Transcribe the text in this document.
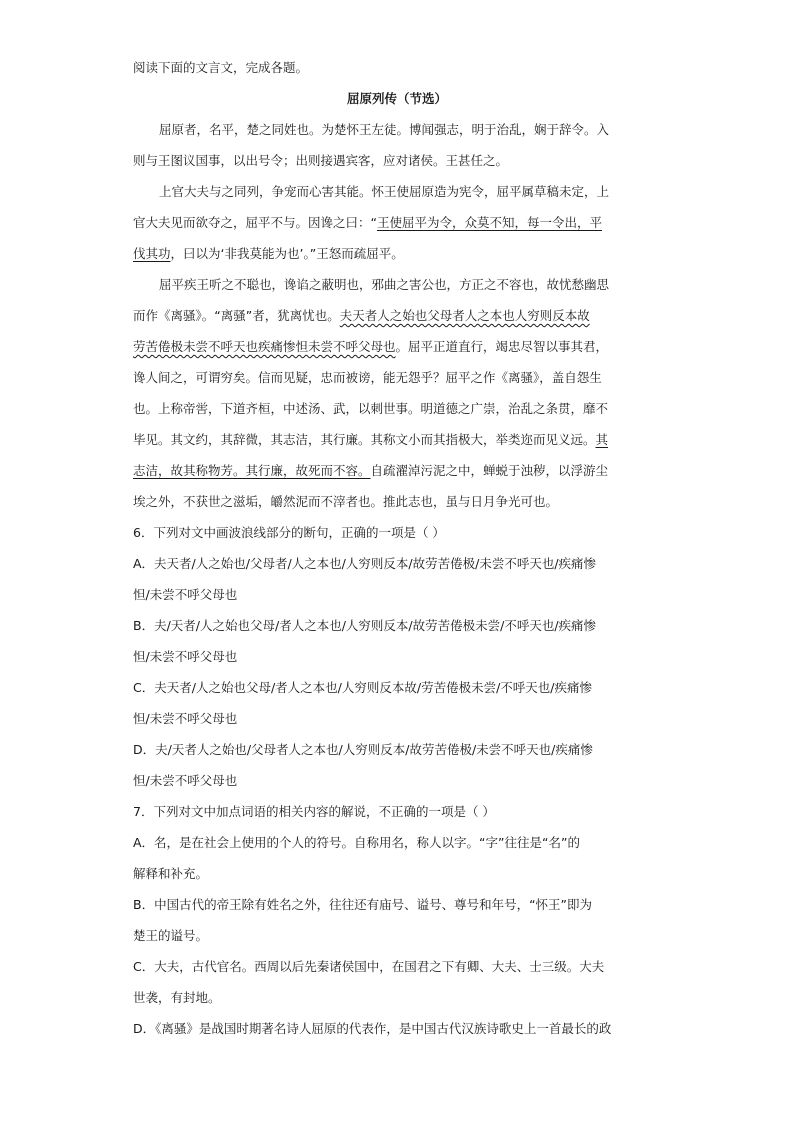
阅读下面的文言文，完成各题。
屈原列传（节选）
屈原者，名平，楚之同姓也。为楚怀王左徒。博闻强志，明于治乱，娴于辞令。入
则与王图议国事，以出号令；出则接遇宾客，应对诸侯。王甚任之。
上官大夫与之同列，争宠而心害其能。怀王使屈原造为宪令，屈平属草稿未定，上
官大夫见而欲夺之，屈平不与。因谗之曰：“王使屈平为令，众莫不知，每一令出，平
伐其功，曰以为‘非我莫能为也’。”王怒而疏屈平。
屈平疾王听之不聪也，谗谄之蔽明也，邪曲之害公也，方正之不容也，故忧愁幽思
而作《离骚》。“离骚”者，犹离忧也。夫天者人之始也父母者人之本也人穷则反本故
劳苦倦极未尝不呼天也疾痛惨怛未尝不呼父母也。屈平正道直行，竭忠尽智以事其君，
谗人间之，可谓穷矣。信而见疑，忠而被谤，能无怨乎？屈平之作《离骚》，盖自怨生
也。上称帝喾，下道齐桓，中述汤、武，以刺世事。明道德之广崇，治乱之条贯，靡不
毕见。其文约，其辞微，其志洁，其行廉。其称文小而其指极大，举类迩而见义远。其
志洁，故其称物芳。其行廉，故死而不容。自疏濯淖污泥之中，蝉蜕于浊秽，以浮游尘
埃之外，不获世之滋垢，皭然泥而不滓者也。推此志也，虽与日月争光可也。
6．下列对文中画波浪线部分的断句，正确的一项是（ ）
A．夫天者/人之始也/父母者/人之本也/人穷则反本/故劳苦倦极/未尝不呼天也/疾痛惨
怛/未尝不呼父母也
B．夫/天者/人之始也父母/者人之本也/人穷则反本/故劳苦倦极未尝/不呼天也/疾痛惨
怛/未尝不呼父母也
C．夫天者/人之始也父母/者人之本也/人穷则反本故/劳苦倦极未尝/不呼天也/疾痛惨
怛/未尝不呼父母也
D．夫/天者人之始也/父母者人之本也/人穷则反本/故劳苦倦极/未尝不呼天也/疾痛惨
怛/未尝不呼父母也
7．下列对文中加点词语的相关内容的解说，不正确的一项是（ ）
A．名，是在社会上使用的个人的符号。自称用名，称人以字。“字”往往是“名”的
解释和补充。
B．中国古代的帝王除有姓名之外，往往还有庙号、谥号、尊号和年号，“怀王”即为
楚王的谥号。
C．大夫，古代官名。西周以后先秦诸侯国中，在国君之下有卿、大夫、士三级。大夫
世袭，有封地。
D．《离骚》是战国时期著名诗人屈原的代表作，是中国古代汉族诗歌史上一首最长的政
